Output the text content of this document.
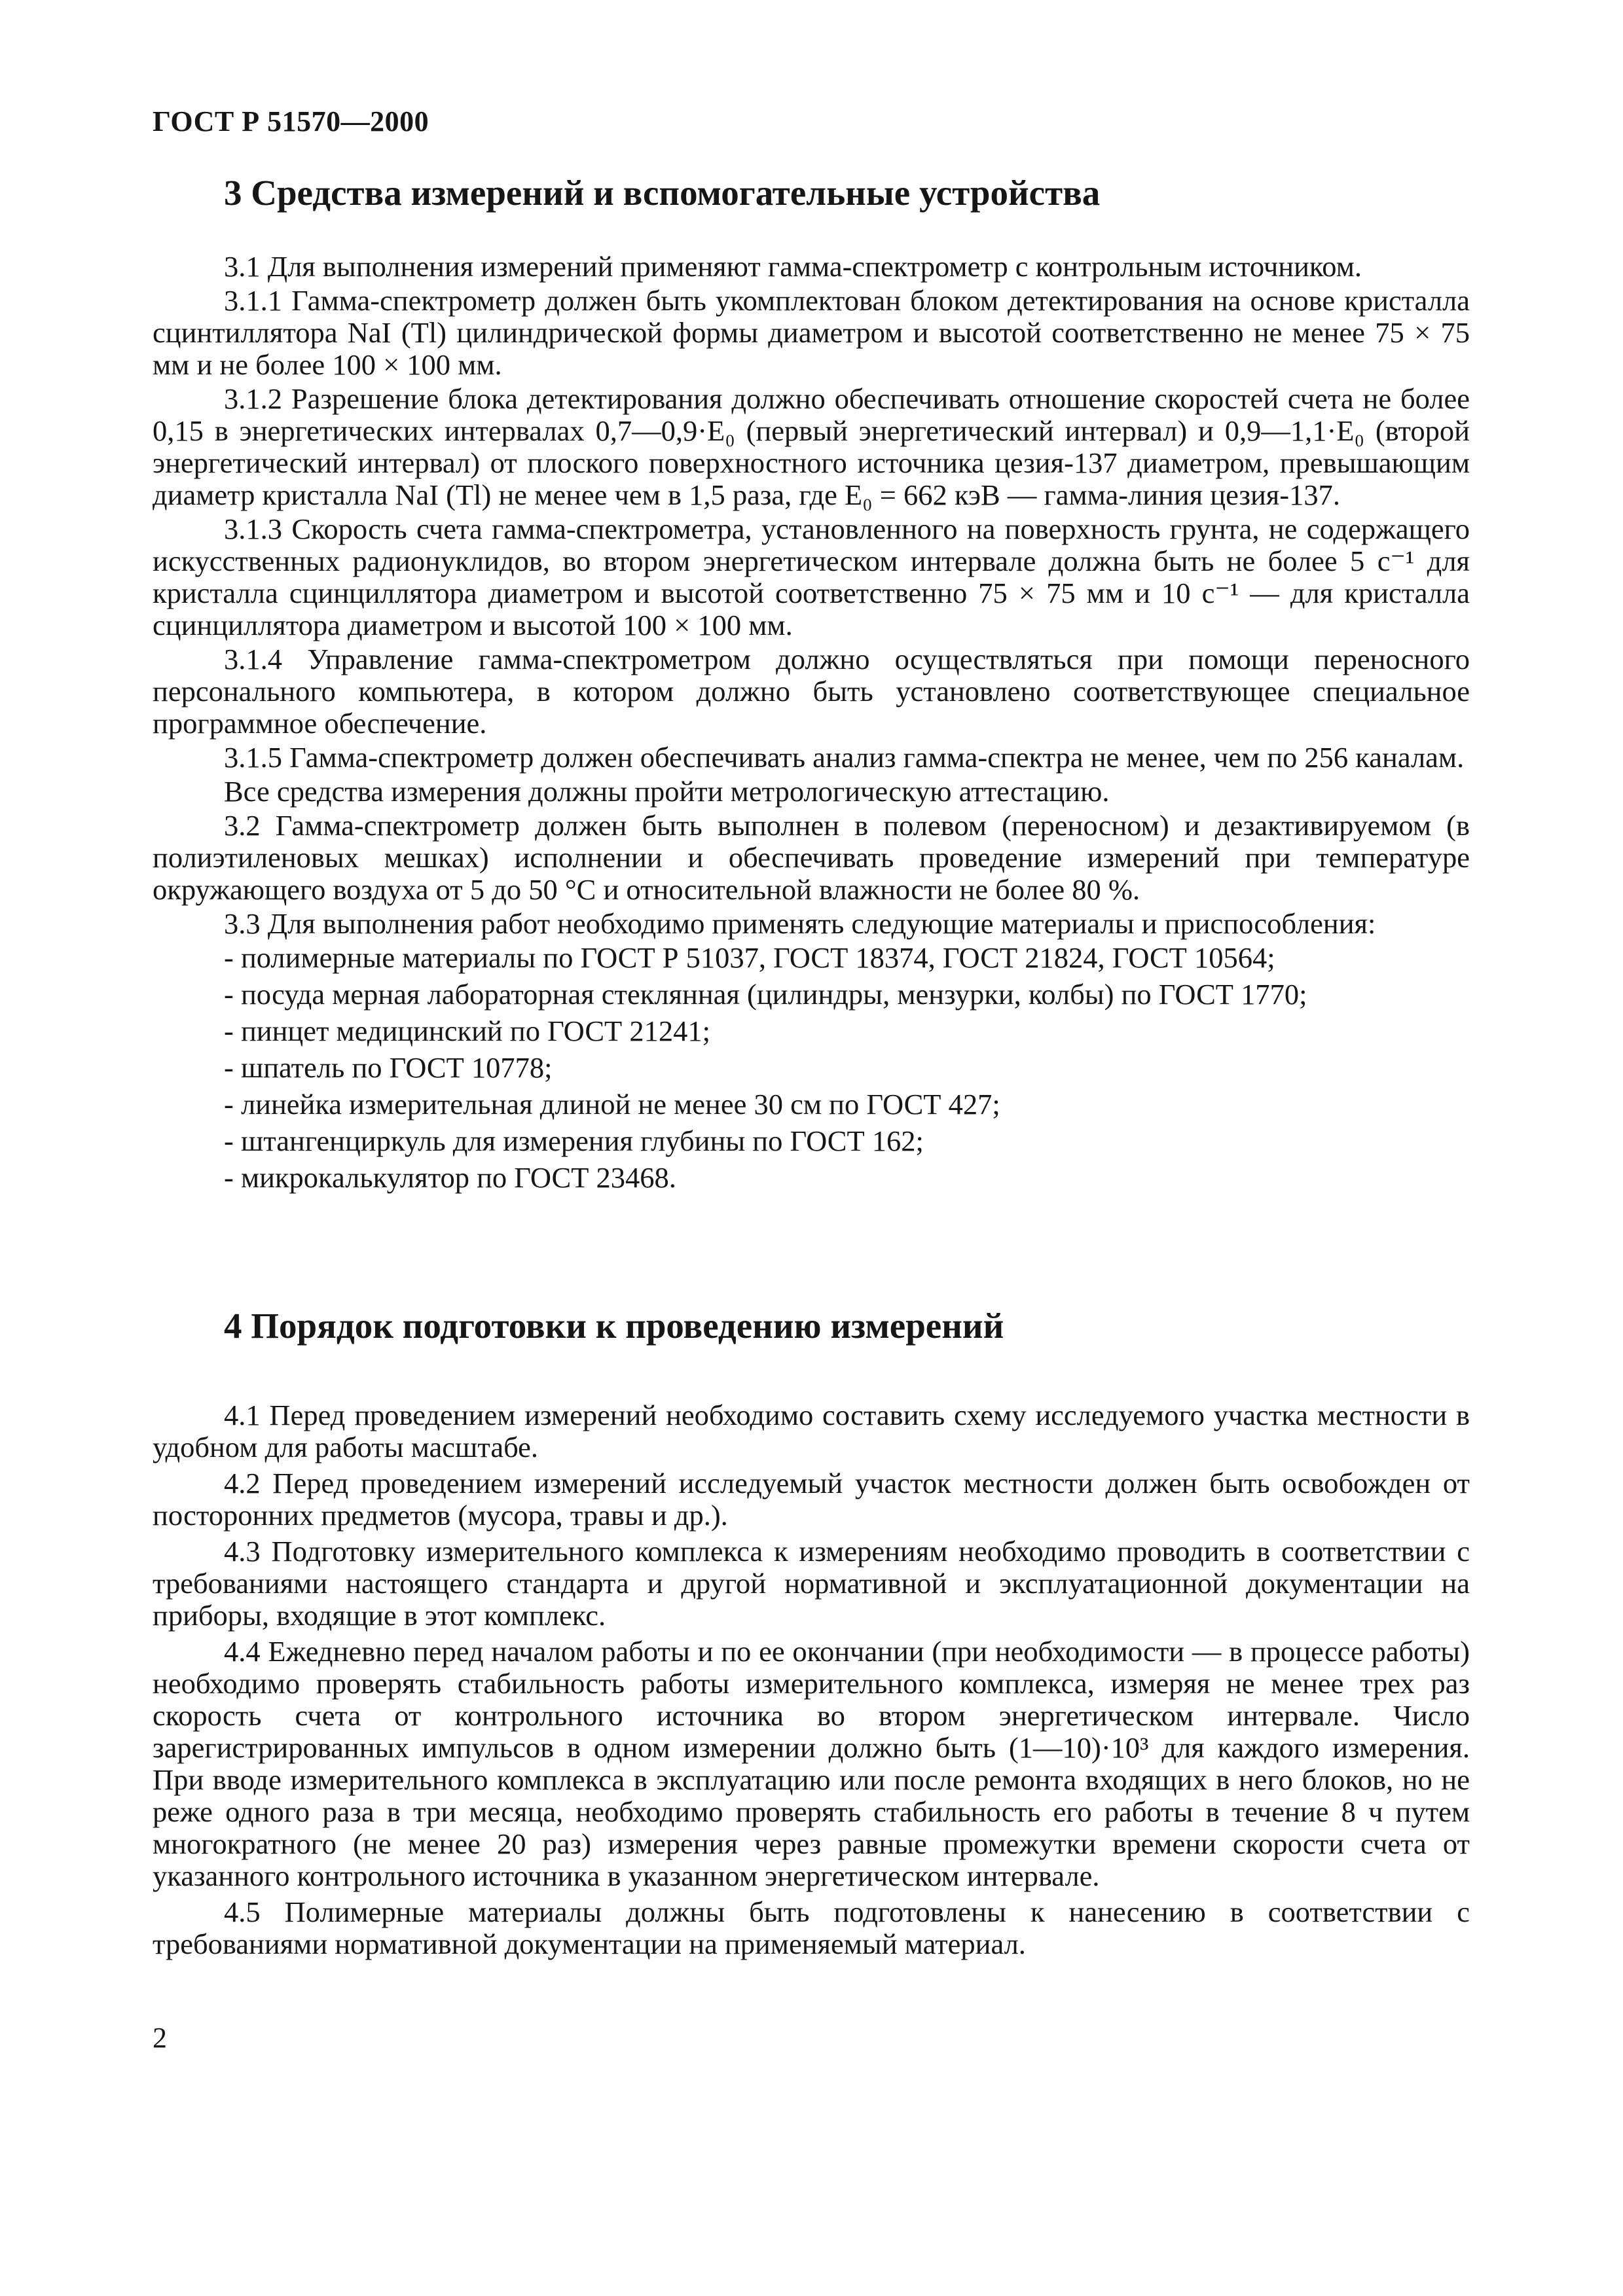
ГОСТ Р 51570—2000
3 Средства измерений и вспомогательные устройства

3.1 Для выполнения измерений применяют гамма-спектрометр с контрольным источником.

3.1.1 Гамма-спектрометр должен быть укомплектован блоком детектирования на основе кристалла сцинтиллятора NaI (Tl) цилиндрической формы диаметром и высотой соответственно не менее 75 × 75 мм и не более 100 × 100 мм.

3.1.2 Разрешение блока детектирования должно обеспечивать отношение скоростей счета не более 0,15 в энергетических интервалах 0,7—0,9·E₀ (первый энергетический интервал) и 0,9—1,1·E₀ (второй энергетический интервал) от плоского поверхностного источника цезия-137 диаметром, превышающим диаметр кристалла NaI (Tl) не менее чем в 1,5 раза, где E₀ = 662 кэВ — гамма-линия цезия-137.

3.1.3 Скорость счета гамма-спектрометра, установленного на поверхность грунта, не содержащего искусственных радионуклидов, во втором энергетическом интервале должна быть не более 5 с⁻¹ для кристалла сцинциллятора диаметром и высотой соответственно 75 × 75 мм и 10 с⁻¹ — для кристалла сцинциллятора диаметром и высотой 100 × 100 мм.

3.1.4 Управление гамма-спектрометром должно осуществляться при помощи переносного персонального компьютера, в котором должно быть установлено соответствующее специальное программное обеспечение.

3.1.5 Гамма-спектрометр должен обеспечивать анализ гамма-спектра не менее, чем по 256 каналам.

Все средства измерения должны пройти метрологическую аттестацию.

3.2 Гамма-спектрометр должен быть выполнен в полевом (переносном) и дезактивируемом (в полиэтиленовых мешках) исполнении и обеспечивать проведение измерений при температуре окружающего воздуха от 5 до 50 °С и относительной влажности не более 80 %.

3.3 Для выполнения работ необходимо применять следующие материалы и приспособления:

- полимерные материалы по ГОСТ Р 51037, ГОСТ 18374, ГОСТ 21824, ГОСТ 10564;

- посуда мерная лабораторная стеклянная (цилиндры, мензурки, колбы) по ГОСТ 1770;

- пинцет медицинский по ГОСТ 21241;

- шпатель по ГОСТ 10778;

- линейка измерительная длиной не менее 30 см по ГОСТ 427;

- штангенциркуль для измерения глубины по ГОСТ 162;

- микрокалькулятор по ГОСТ 23468.

4 Порядок подготовки к проведению измерений

4.1 Перед проведением измерений необходимо составить схему исследуемого участка местности в удобном для работы масштабе.

4.2 Перед проведением измерений исследуемый участок местности должен быть освобожден от посторонних предметов (мусора, травы и др.).

4.3 Подготовку измерительного комплекса к измерениям необходимо проводить в соответствии с требованиями настоящего стандарта и другой нормативной и эксплуатационной документации на приборы, входящие в этот комплекс.

4.4 Ежедневно перед началом работы и по ее окончании (при необходимости — в процессе работы) необходимо проверять стабильность работы измерительного комплекса, измеряя не менее трех раз скорость счета от контрольного источника во втором энергетическом интервале. Число зарегистрированных импульсов в одном измерении должно быть (1—10)·10³ для каждого измерения. При вводе измерительного комплекса в эксплуатацию или после ремонта входящих в него блоков, но не реже одного раза в три месяца, необходимо проверять стабильность его работы в течение 8 ч путем многократного (не менее 20 раз) измерения через равные промежутки времени скорости счета от указанного контрольного источника в указанном энергетическом интервале.

4.5 Полимерные материалы должны быть подготовлены к нанесению в соответствии с требованиями нормативной документации на применяемый материал.

2
